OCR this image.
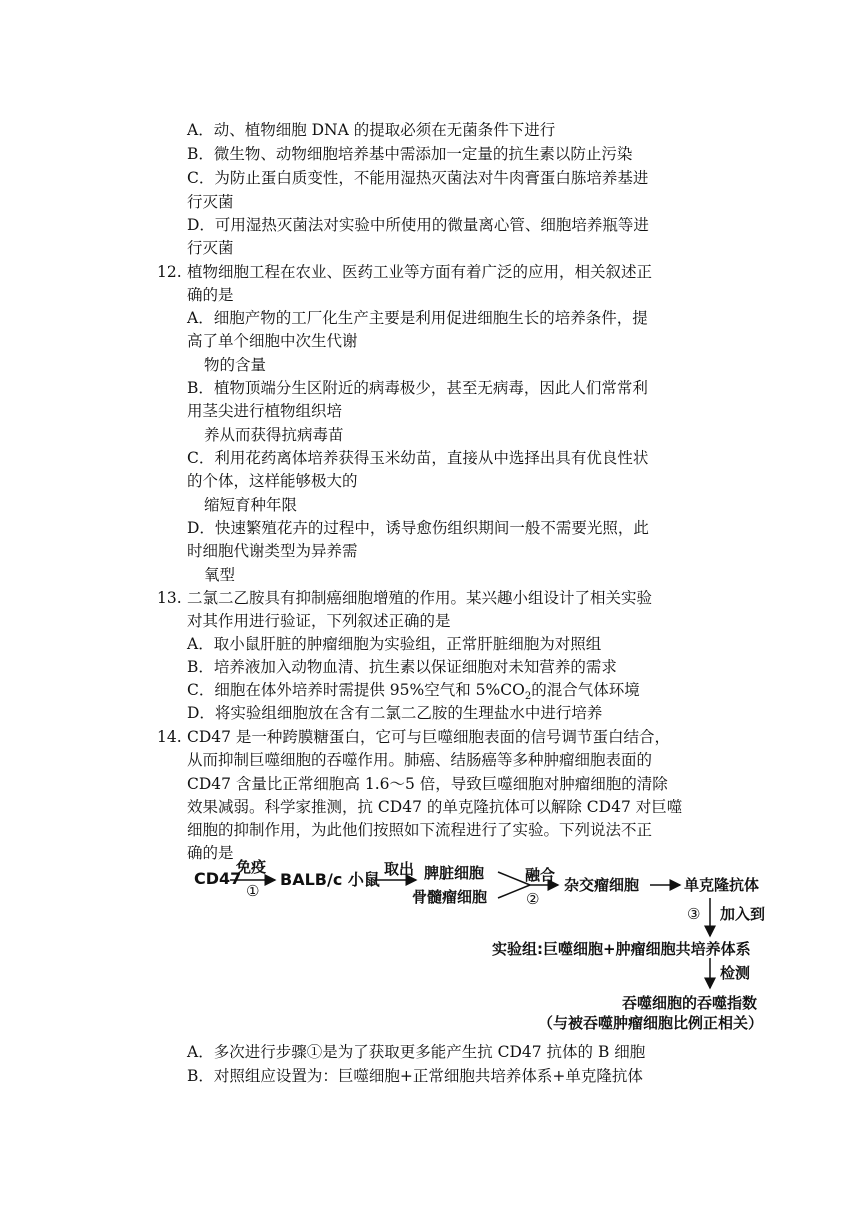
A．动、植物细胞 DNA 的提取必须在无菌条件下进行
B．微生物、动物细胞培养基中需添加一定量的抗生素以防止污染
C．为防止蛋白质变性，不能用湿热灭菌法对牛肉膏蛋白胨培养基进
行灭菌
D．可用湿热灭菌法对实验中所使用的微量离心管、细胞培养瓶等进
行灭菌
12. 植物细胞工程在农业、医药工业等方面有着广泛的应用，相关叙述正
确的是
A．细胞产物的工厂化生产主要是利用促进细胞生长的培养条件，提
高了单个细胞中次生代谢
物的含量
B．植物顶端分生区附近的病毒极少，甚至无病毒，因此人们常常利
用茎尖进行植物组织培
养从而获得抗病毒苗
C．利用花药离体培养获得玉米幼苗，直接从中选择出具有优良性状
的个体，这样能够极大的
缩短育种年限
D．快速繁殖花卉的过程中，诱导愈伤组织期间一般不需要光照，此
时细胞代谢类型为异养需
氧型
13. 二氯二乙胺具有抑制癌细胞增殖的作用。某兴趣小组设计了相关实验
对其作用进行验证，下列叙述正确的是
A．取小鼠肝脏的肿瘤细胞为实验组，正常肝脏细胞为对照组
B．培养液加入动物血清、抗生素以保证细胞对未知营养的需求
C．细胞在体外培养时需提供 95%空气和 $5\%CO_2$的混合气体环境
D．将实验组细胞放在含有二氯二乙胺的生理盐水中进行培养
14. CD47 是一种跨膜糖蛋白，它可与巨噬细胞表面的信号调节蛋白结合，
从而抑制巨噬细胞的吞噬作用。肺癌、结肠癌等多种肿瘤细胞表面的
CD47 含量比正常细胞高 1.6～5 倍，导致巨噬细胞对肿瘤细胞的清除
效果减弱。科学家推测，抗 CD47 的单克隆抗体可以解除 CD47 对巨噬
细胞的抑制作用，为此他们按照如下流程进行了实验。下列说法不正
确的是
CD47
免疫
①
BALB/c 小鼠
取出 脾脏细胞
骨髓瘤细胞
融合
②
杂交瘤细胞	单克隆抗体
③ 加入到
实验组:巨噬细胞+肿瘤细胞共培养体系
检测
吞噬细胞的吞噬指数
（与被吞噬肿瘤细胞比例正相关）
A．多次进行步骤①是为了获取更多能产生抗 CD47 抗体的 B 细胞
B．对照组应设置为：巨噬细胞+正常细胞共培养体系+单克隆抗体
